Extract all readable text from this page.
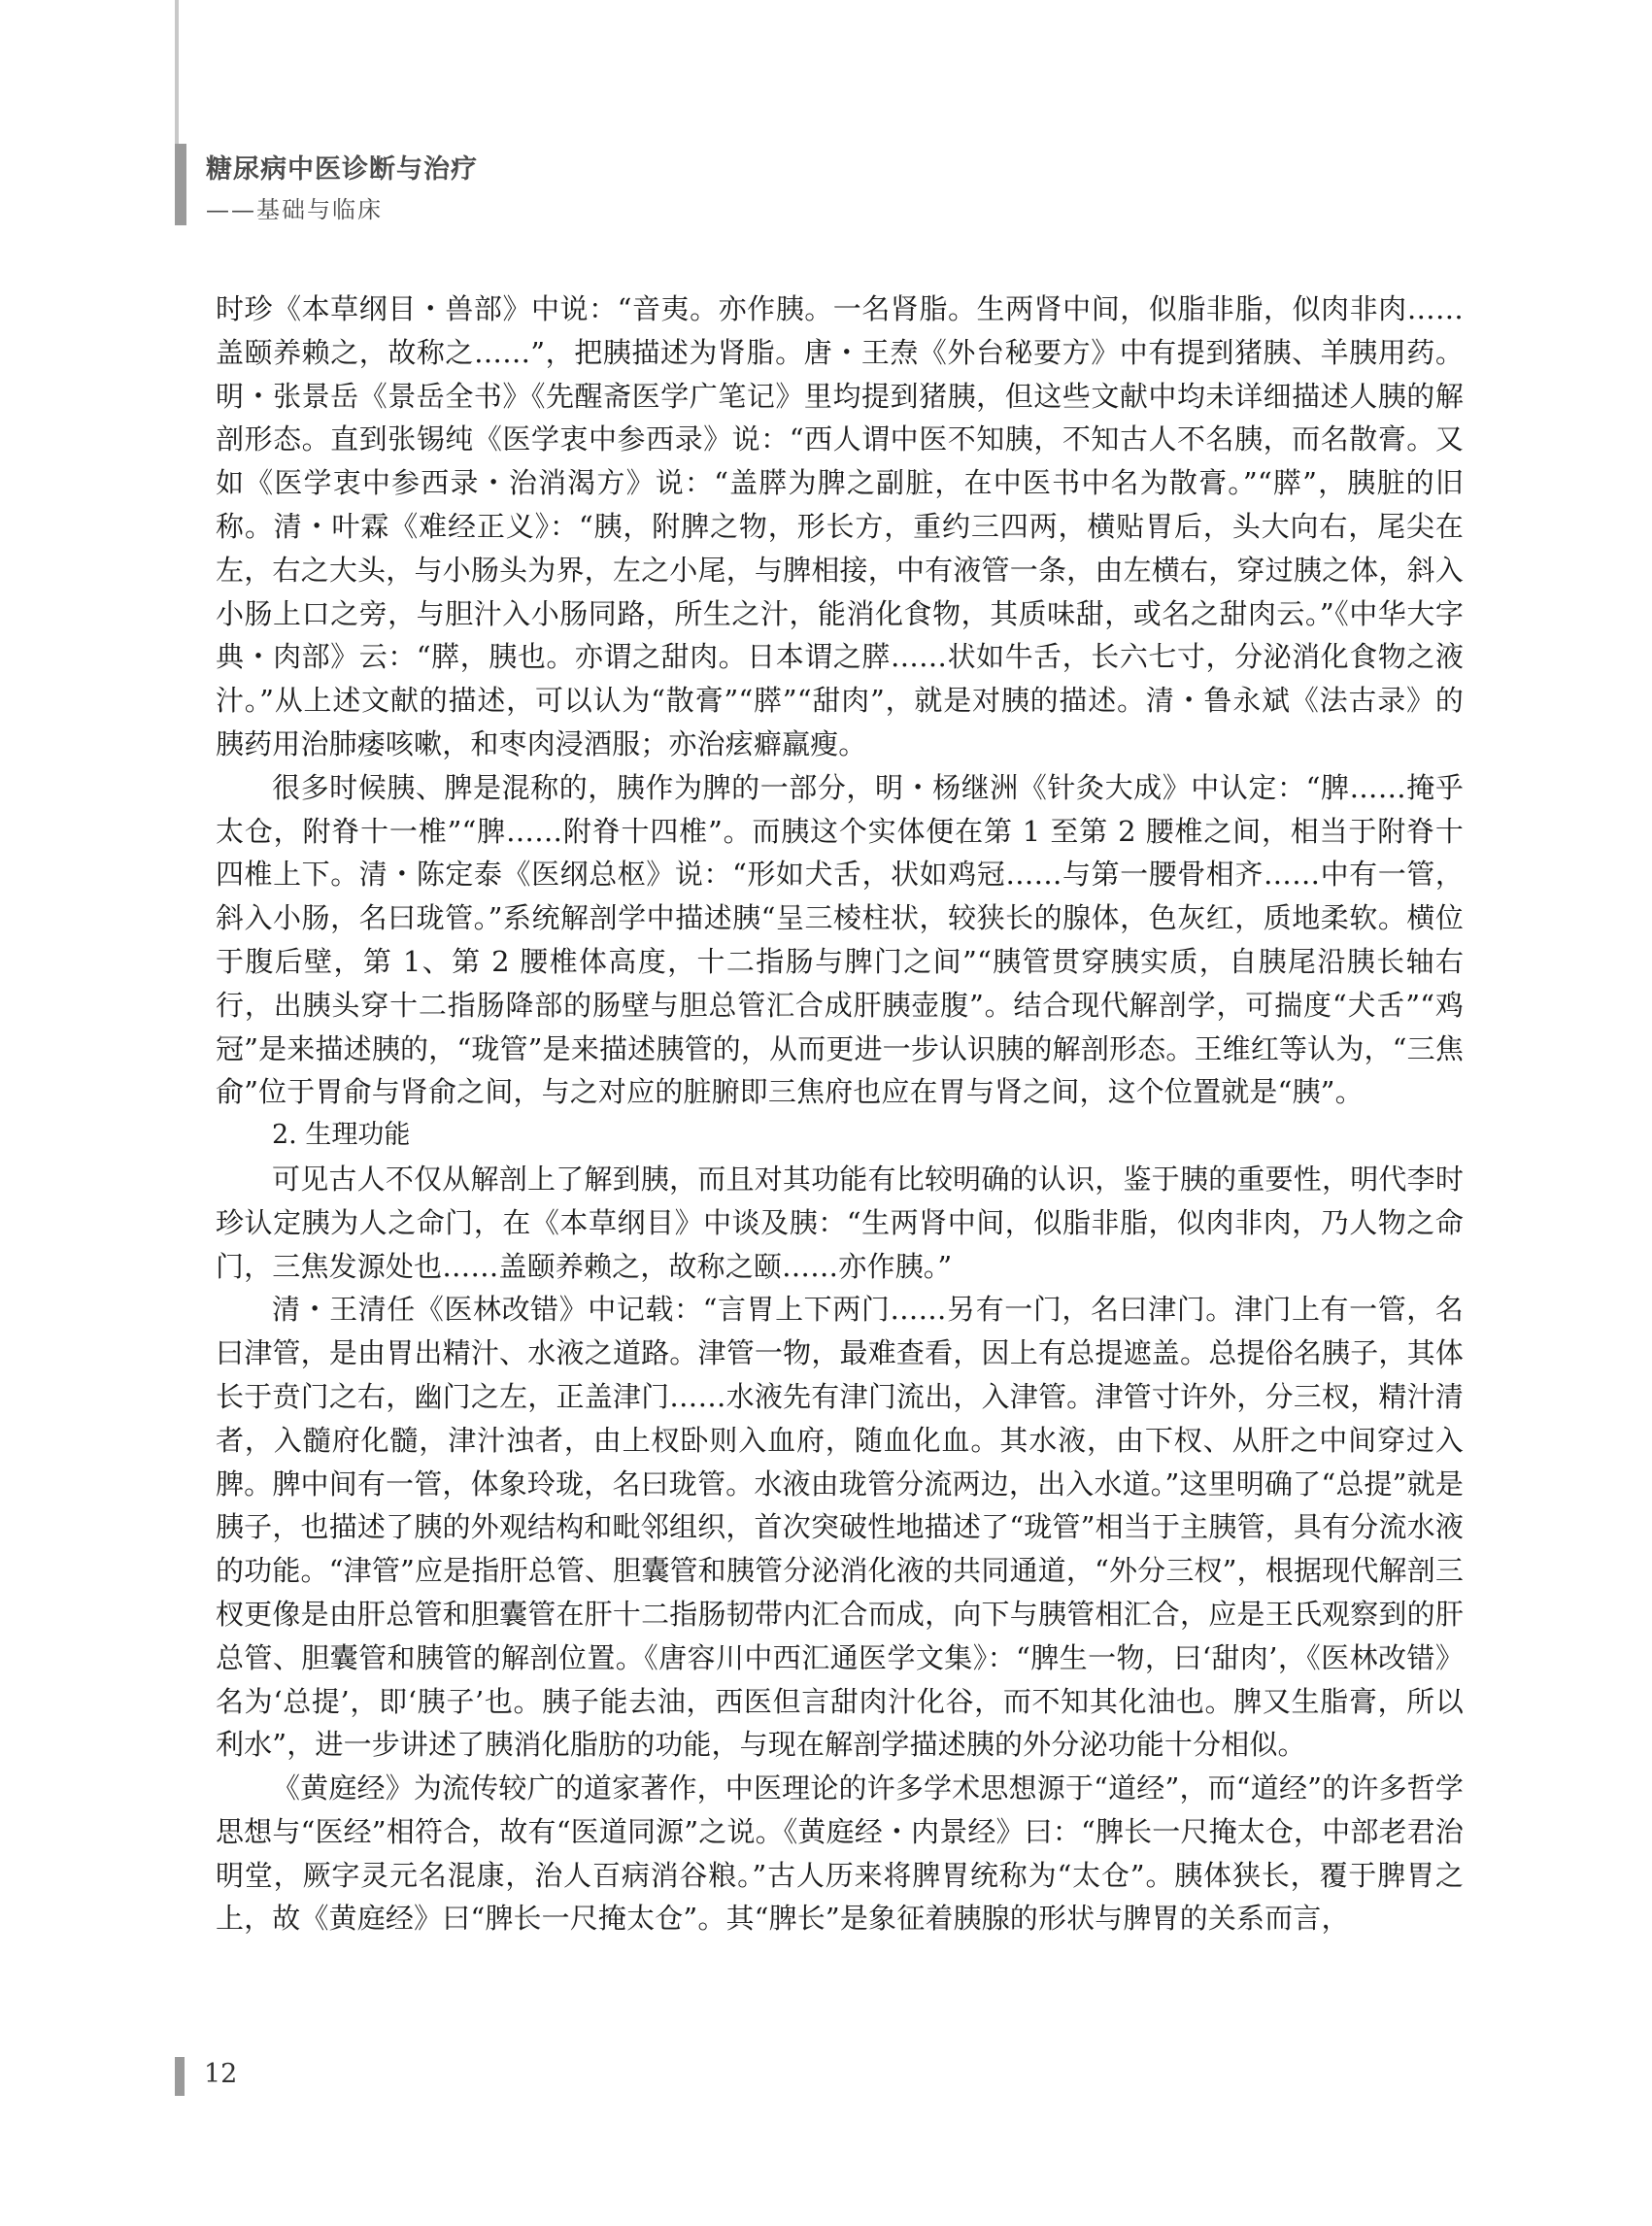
糖尿病中医诊断与治疗

——基础与临床

时珍《本草纲目・兽部》中说：“音夷。亦作胰。一名肾脂。生两肾中间，似脂非脂，似肉非肉……盖颐养赖之，故称之……”，把胰描述为肾脂。唐・王焘《外台秘要方》中有提到猪胰、羊胰用药。明・张景岳《景岳全书》《先醒斋医学广笔记》里均提到猪胰，但这些文献中均未详细描述人胰的解剖形态。直到张锡纯《医学衷中参西录》说：“西人谓中医不知胰，不知古人不名胰，而名散膏。又如《医学衷中参西录・治消渴方》说：“盖膵为脾之副脏，在中医书中名为散膏。”“膵”，胰脏的旧称。清・叶霖《难经正义》：“胰，附脾之物，形长方，重约三四两，横贴胃后，头大向右，尾尖在左，右之大头，与小肠头为界，左之小尾，与脾相接，中有液管一条，由左横右，穿过胰之体，斜入小肠上口之旁，与胆汁入小肠同路，所生之汁，能消化食物，其质味甜，或名之甜肉云。”《中华大字典・肉部》云：“膵，胰也。亦谓之甜肉。日本谓之膵……状如牛舌，长六七寸，分泌消化食物之液汁。”从上述文献的描述，可以认为“散膏”“膵”“甜肉”，就是对胰的描述。清・鲁永斌《法古录》的胰药用治肺痿咳嗽，和枣肉浸酒服；亦治痃癖羸瘦。

很多时候胰、脾是混称的，胰作为脾的一部分，明・杨继洲《针灸大成》中认定：“脾……掩乎太仓，附脊十一椎”“脾……附脊十四椎”。而胰这个实体便在第 1 至第 2 腰椎之间，相当于附脊十四椎上下。清・陈定泰《医纲总枢》说：“形如犬舌，状如鸡冠……与第一腰骨相齐……中有一管，斜入小肠，名曰珑管。”系统解剖学中描述胰“呈三棱柱状，较狭长的腺体，色灰红，质地柔软。横位于腹后壁，第 1、第 2 腰椎体高度，十二指肠与脾门之间”“胰管贯穿胰实质，自胰尾沿胰长轴右行，出胰头穿十二指肠降部的肠壁与胆总管汇合成肝胰壶腹”。结合现代解剖学，可揣度“犬舌”“鸡冠”是来描述胰的，“珑管”是来描述胰管的，从而更进一步认识胰的解剖形态。王维红等认为，“三焦俞”位于胃俞与肾俞之间，与之对应的脏腑即三焦府也应在胃与肾之间，这个位置就是“胰”。

2. 生理功能

可见古人不仅从解剖上了解到胰，而且对其功能有比较明确的认识，鉴于胰的重要性，明代李时珍认定胰为人之命门，在《本草纲目》中谈及胰：“生两肾中间，似脂非脂，似肉非肉，乃人物之命门，三焦发源处也……盖颐养赖之，故称之颐……亦作胰。”

清・王清任《医林改错》中记载：“言胃上下两门……另有一门，名曰津门。津门上有一管，名曰津管，是由胃出精汁、水液之道路。津管一物，最难查看，因上有总提遮盖。总提俗名胰子，其体长于贲门之右，幽门之左，正盖津门……水液先有津门流出，入津管。津管寸许外，分三杈，精汁清者，入髓府化髓，津汁浊者，由上杈卧则入血府，随血化血。其水液，由下杈、从肝之中间穿过入脾。脾中间有一管，体象玲珑，名曰珑管。水液由珑管分流两边，出入水道。”这里明确了“总提”就是胰子，也描述了胰的外观结构和毗邻组织，首次突破性地描述了“珑管”相当于主胰管，具有分流水液的功能。“津管”应是指肝总管、胆囊管和胰管分泌消化液的共同通道，“外分三杈”，根据现代解剖三杈更像是由肝总管和胆囊管在肝十二指肠韧带内汇合而成，向下与胰管相汇合，应是王氏观察到的肝总管、胆囊管和胰管的解剖位置。《唐容川中西汇通医学文集》：“脾生一物，曰‘甜肉’，《医林改错》名为‘总提’，即‘胰子’也。胰子能去油，西医但言甜肉汁化谷，而不知其化油也。脾又生脂膏，所以利水”，进一步讲述了胰消化脂肪的功能，与现在解剖学描述胰的外分泌功能十分相似。

《黄庭经》为流传较广的道家著作，中医理论的许多学术思想源于“道经”，而“道经”的许多哲学思想与“医经”相符合，故有“医道同源”之说。《黄庭经・内景经》曰：“脾长一尺掩太仓，中部老君治明堂，厥字灵元名混康，治人百病消谷粮。”古人历来将脾胃统称为“太仓”。胰体狭长，覆于脾胃之上，故《黄庭经》曰“脾长一尺掩太仓”。其“脾长”是象征着胰腺的形状与脾胃的关系而言，

12
